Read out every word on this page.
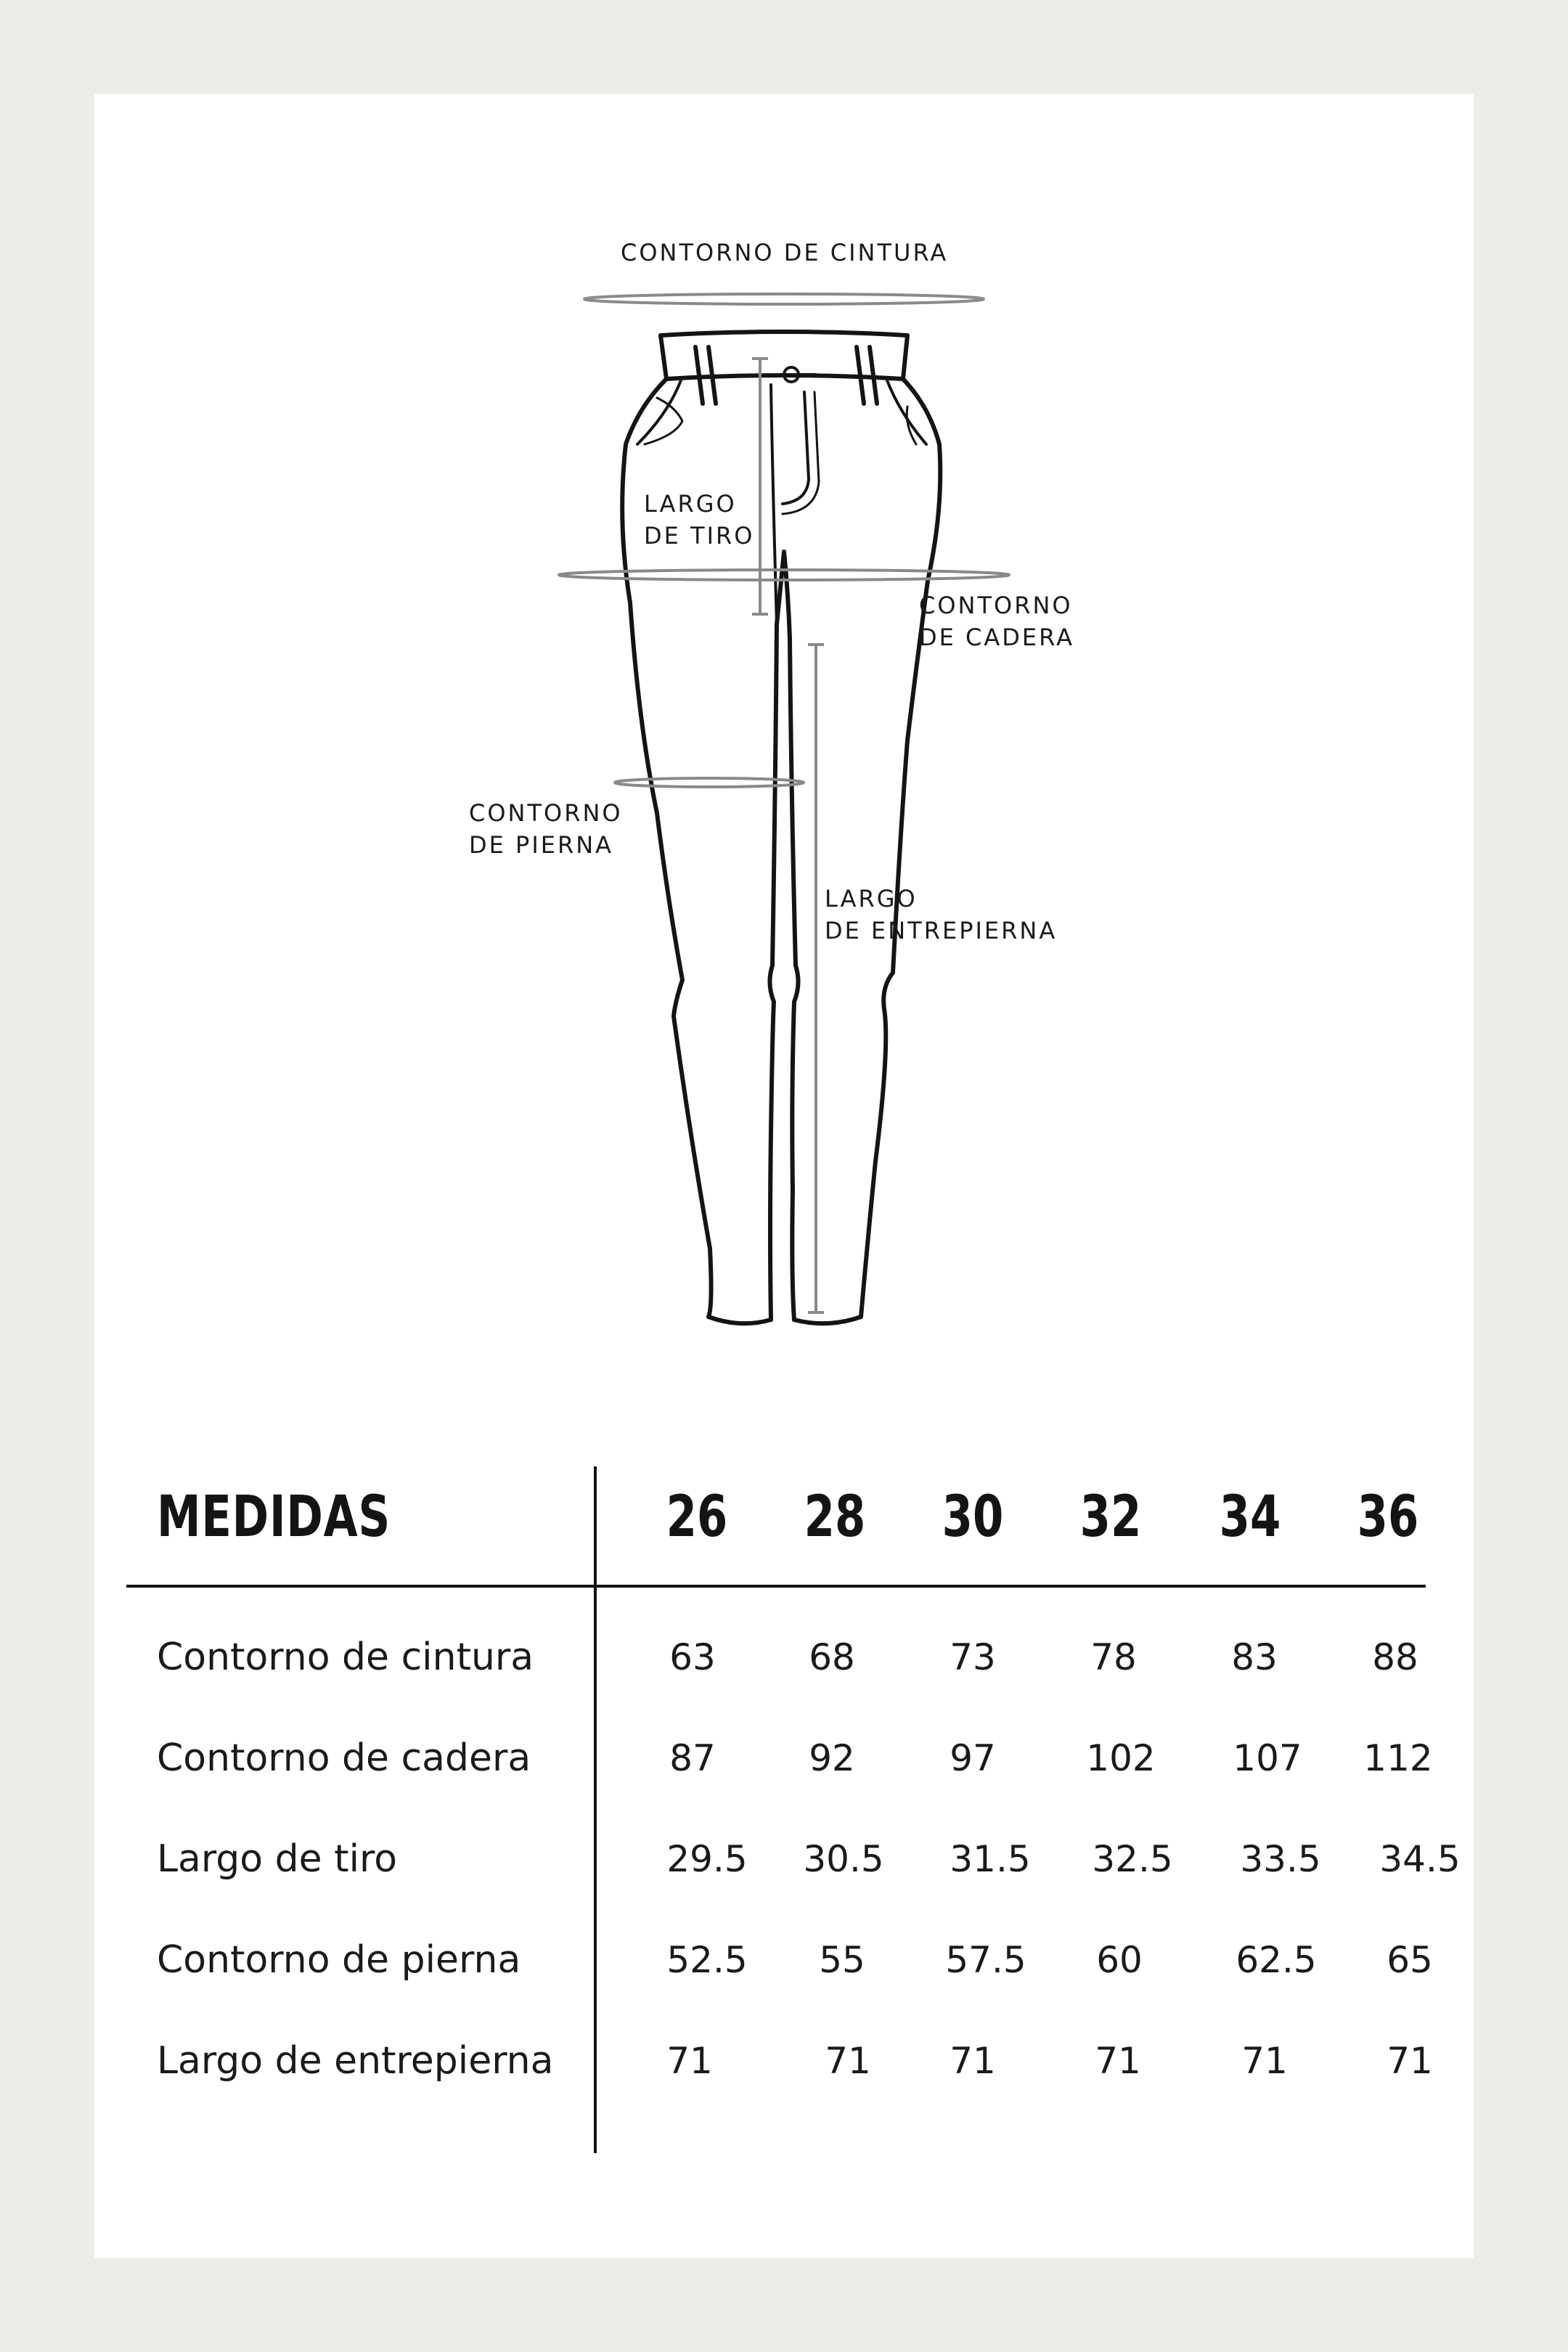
CONTORNO DE CINTURA
LARGO
DE TIRO
CONTORNO
DE CADERA
CONTORNO
DE PIERNA
LARGO
DE ENTREPIERNA
MEDIDAS	26 28 30 32 34 36
Contorno de cintura	63	68	73	78	83	88
Contorno de cadera	87	92	97	102	107	112
Largo de tiro	29.5	30.5	31.5	32.5	33.5	34.5
Contorno de pierna	52.5	55	57.5	60	62.5	65
Largo de entrepierna	71	71	71	71	71	71
